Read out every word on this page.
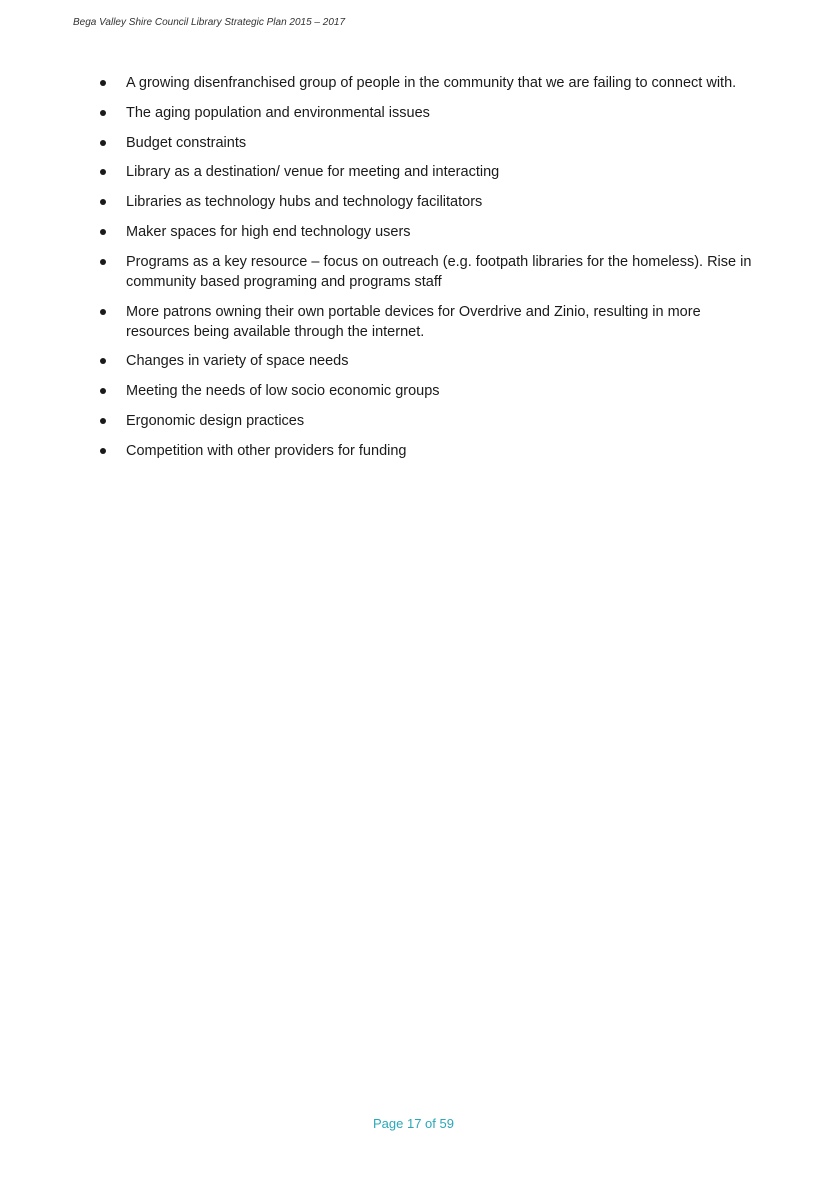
Bega Valley Shire Council Library Strategic Plan 2015 – 2017
A growing disenfranchised group of people in the community that we are failing to connect with.
The aging population and environmental issues
Budget constraints
Library as a destination/ venue for meeting and interacting
Libraries as technology hubs and technology facilitators
Maker spaces for high end technology users
Programs as a key resource – focus on outreach (e.g. footpath libraries for the homeless). Rise in community based programing and programs staff
More patrons owning their own portable devices for Overdrive and Zinio, resulting in more resources being available through the internet.
Changes in variety of space needs
Meeting the needs of low socio economic groups
Ergonomic design practices
Competition with other providers for funding
Page 17 of 59
